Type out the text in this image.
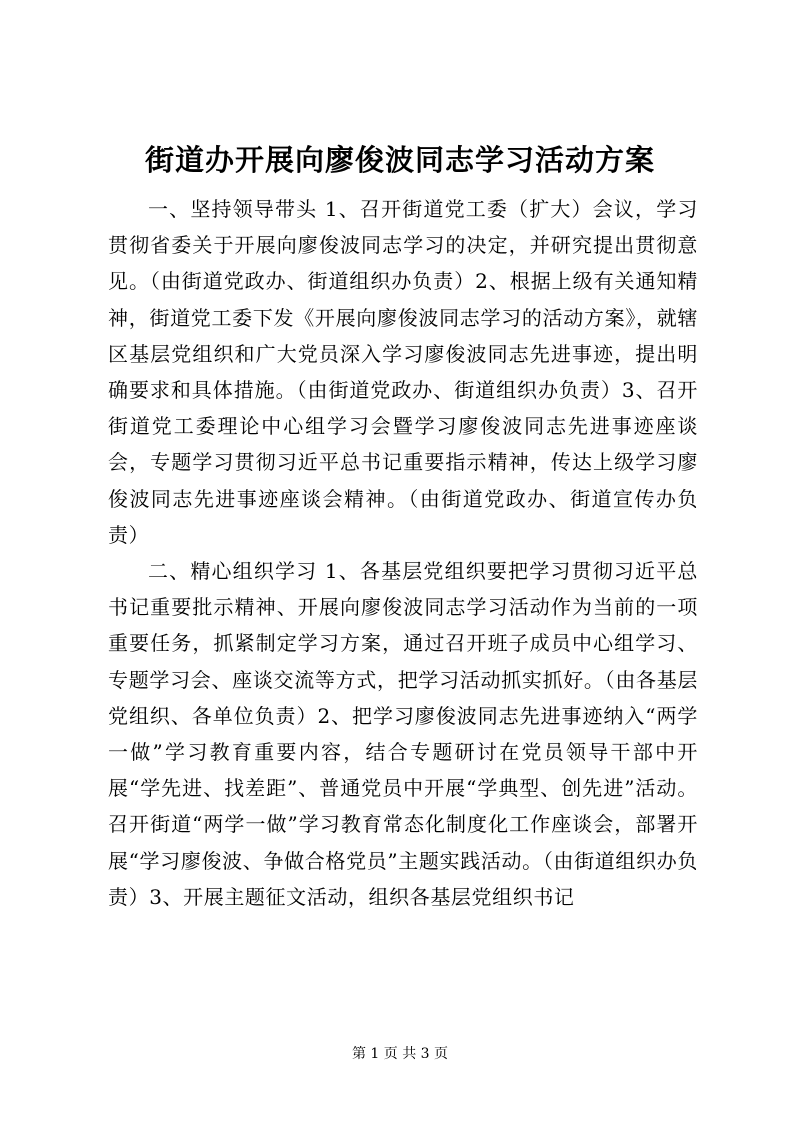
街道办开展向廖俊波同志学习活动方案

一、坚持领导带头 1、召开街道党工委（扩大）会议，学习贯彻省委关于开展向廖俊波同志学习的决定，并研究提出贯彻意见。（由街道党政办、街道组织办负责）2、根据上级有关通知精神，街道党工委下发《开展向廖俊波同志学习的活动方案》，就辖区基层党组织和广大党员深入学习廖俊波同志先进事迹，提出明确要求和具体措施。（由街道党政办、街道组织办负责）3、召开街道党工委理论中心组学习会暨学习廖俊波同志先进事迹座谈会，专题学习贯彻习近平总书记重要指示精神，传达上级学习廖俊波同志先进事迹座谈会精神。（由街道党政办、街道宣传办负责）

二、精心组织学习 1、各基层党组织要把学习贯彻习近平总书记重要批示精神、开展向廖俊波同志学习活动作为当前的一项重要任务，抓紧制定学习方案，通过召开班子成员中心组学习、专题学习会、座谈交流等方式，把学习活动抓实抓好。（由各基层党组织、各单位负责）2、把学习廖俊波同志先进事迹纳入“两学一做”学习教育重要内容，结合专题研讨在党员领导干部中开展“学先进、找差距”、普通党员中开展“学典型、创先进”活动。召开街道“两学一做”学习教育常态化制度化工作座谈会，部署开展“学习廖俊波、争做合格党员”主题实践活动。（由街道组织办负责）3、开展主题征文活动，组织各基层党组织书记

第 1 页 共 3 页
